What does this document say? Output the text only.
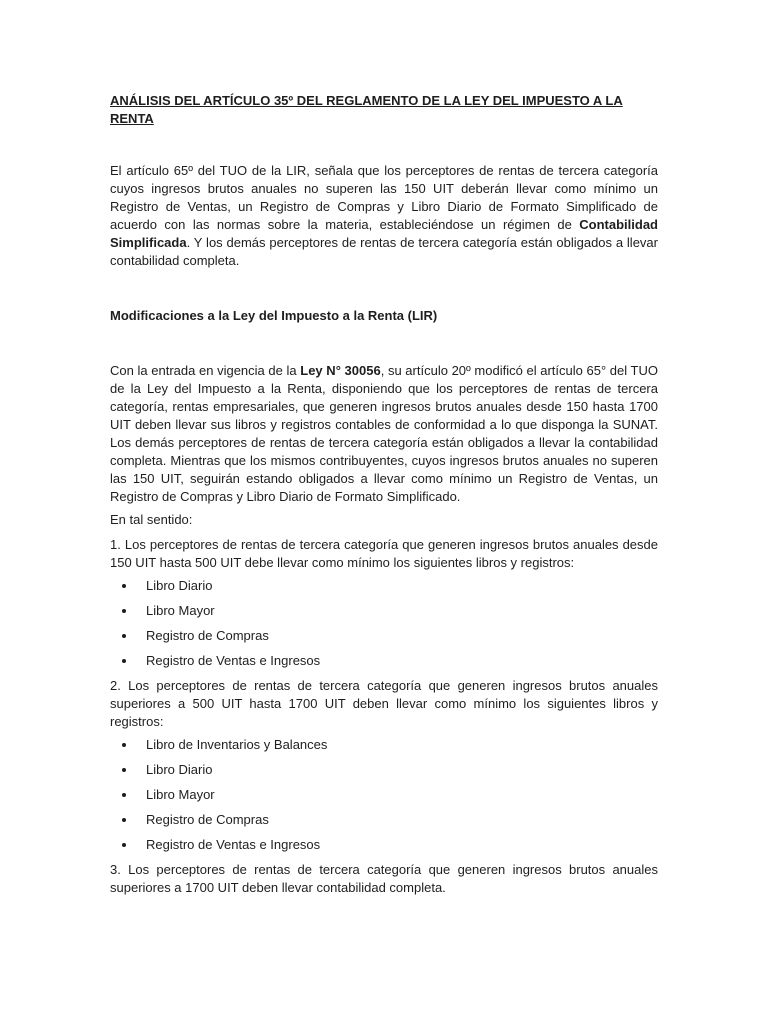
ANÁLISIS DEL ARTÍCULO 35º DEL REGLAMENTO DE LA LEY DEL IMPUESTO A LA RENTA

El artículo 65º del TUO de la LIR, señala que los perceptores de rentas de tercera categoría cuyos ingresos brutos anuales no superen las 150 UIT deberán llevar como mínimo un Registro de Ventas, un Registro de Compras y Libro Diario de Formato Simplificado de acuerdo con las normas sobre la materia, estableciéndose un régimen de Contabilidad Simplificada. Y los demás perceptores de rentas de tercera categoría están obligados a llevar contabilidad completa.

Modificaciones a la Ley del Impuesto a la Renta (LIR)

Con la entrada en vigencia de la Ley N° 30056, su artículo 20º modificó el artículo 65° del TUO de la Ley del Impuesto a la Renta, disponiendo que los perceptores de rentas de tercera categoría, rentas empresariales, que generen ingresos brutos anuales desde 150 hasta 1700 UIT deben llevar sus libros y registros contables de conformidad a lo que disponga la SUNAT. Los demás perceptores de rentas de tercera categoría están obligados a llevar la contabilidad completa. Mientras que los mismos contribuyentes, cuyos ingresos brutos anuales no superen las 150 UIT, seguirán estando obligados a llevar como mínimo un Registro de Ventas, un Registro de Compras y Libro Diario de Formato Simplificado.

En tal sentido:

1. Los perceptores de rentas de tercera categoría que generen ingresos brutos anuales desde 150 UIT hasta 500 UIT debe llevar como mínimo los siguientes libros y registros:

Libro Diario
Libro Mayor
Registro de Compras
Registro de Ventas e Ingresos

2. Los perceptores de rentas de tercera categoría que generen ingresos brutos anuales superiores a 500 UIT hasta 1700 UIT deben llevar como mínimo los siguientes libros y registros:

Libro de Inventarios y Balances
Libro Diario
Libro Mayor
Registro de Compras
Registro de Ventas e Ingresos

3. Los perceptores de rentas de tercera categoría que generen ingresos brutos anuales superiores a 1700 UIT deben llevar contabilidad completa.
